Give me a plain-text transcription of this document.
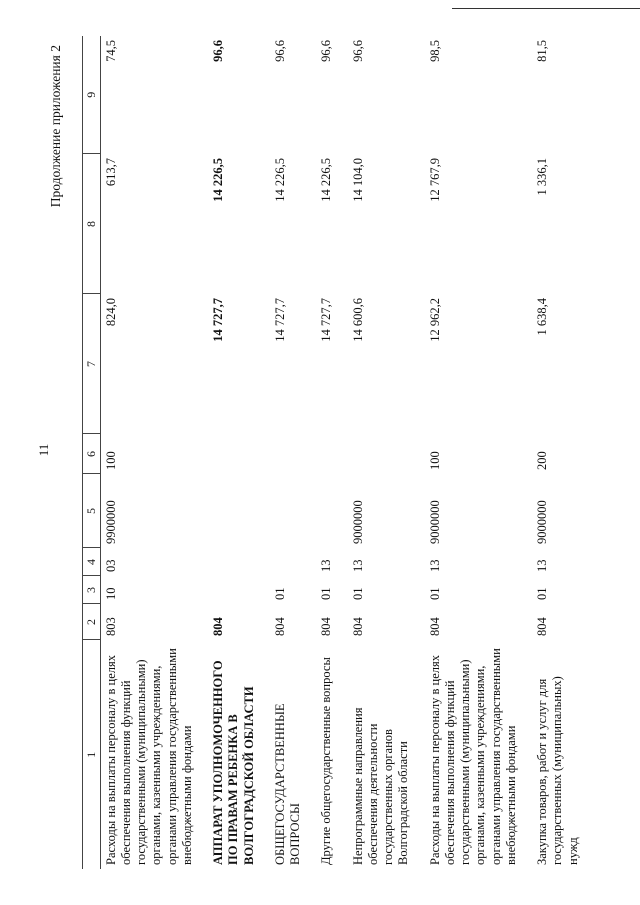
11
Продолжение приложения 2
1	2	3	4	5	6	7	8	9
Расходы на выплаты персоналу в целях обеспечения выполнения функций государственными (муниципальными) органами, казенными учреждениями, органами управления государственными внебюджетными фондами	803	10	03	9900000	100	824,0	613,7	74,5

АППАРАТ УПОЛНОМОЧЕННОГО ПО ПРАВАМ РЕБЕНКА В ВОЛГОГРАДСКОЙ ОБЛАСТИ	804					14 727,7	14 226,5	96,6

ОБЩЕГОСУДАРСТВЕННЫЕ ВОПРОСЫ	804	01				14 727,7	14 226,5	96,6

Другие общегосударственные вопросы	804	01	13			14 727,7	14 226,5	96,6

Непрограммные направления обеспечения деятельности государственных органов Волгоградской области	804	01	13	9000000		14 600,6	14 104,0	96,6

Расходы на выплаты персоналу в целях обеспечения выполнения функций государственными (муниципальными) органами, казенными учреждениями, органами управления государственными внебюджетными фондами	804	01	13	9000000	100	12 962,2	12 767,9	98,5

Закупка товаров, работ и услуг для государственных (муниципальных) нужд	804	01	13	9000000	200	1 638,4	1 336,1	81,5
